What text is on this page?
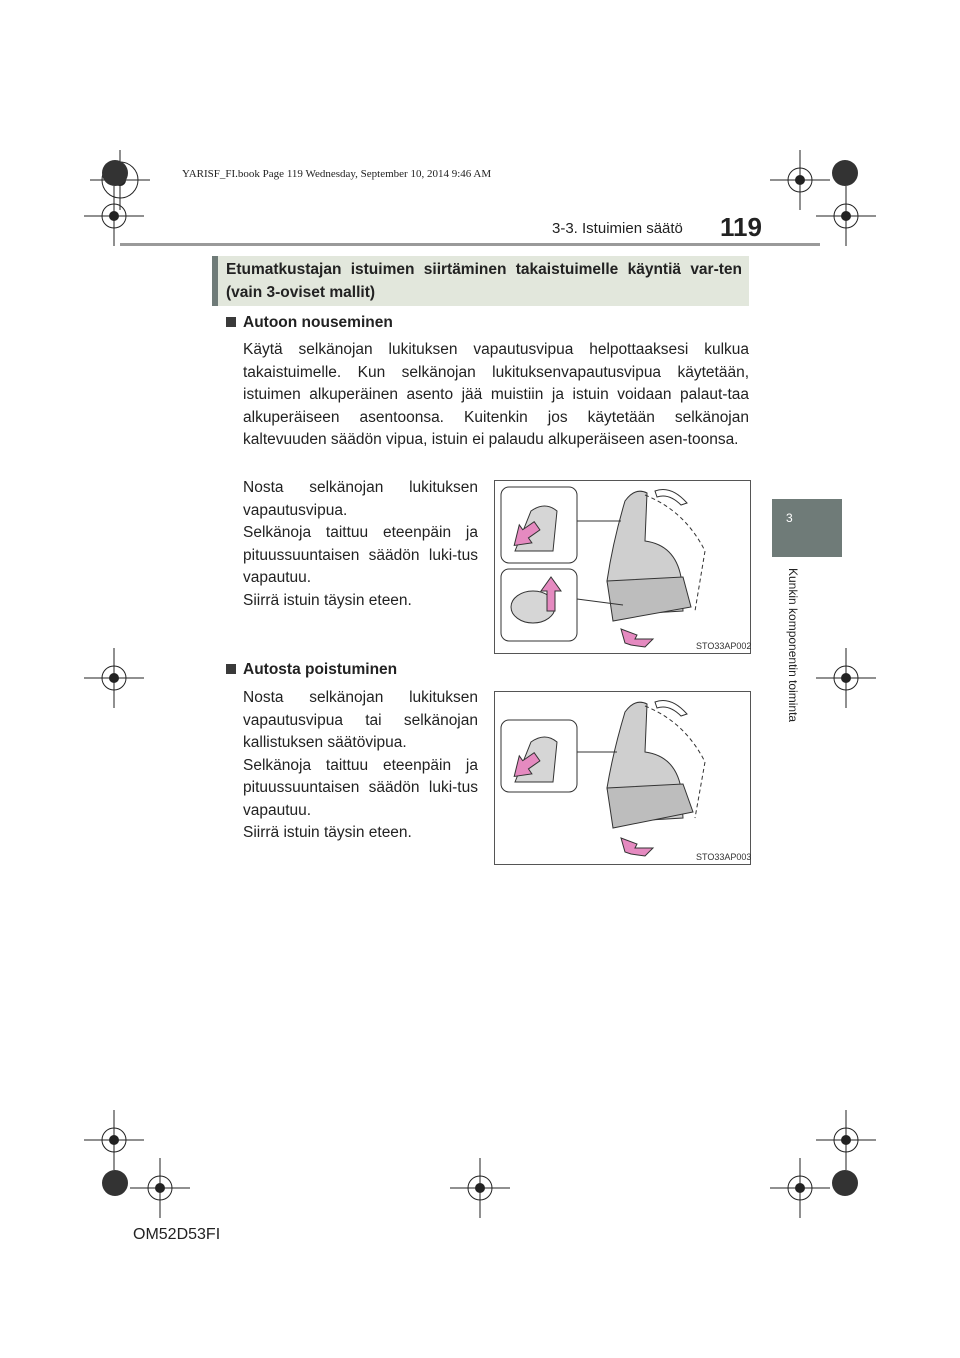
YARISF_FI.book Page 119 Wednesday, September 10, 2014 9:46 AM
3-3. Istuimien säätö 119
3
Kunkin komponentin toiminta
Etumatkustajan istuimen siirtäminen takaistuimelle käyntiä var-ten (vain 3-oviset mallit)
Autoon nouseminen
Käytä selkänojan lukituksen vapautusvipua helpottaaksesi kulkua takaistuimelle. Kun selkänojan lukituksenvapautusvipua käytetään, istuimen alkuperäinen asento jää muistiin ja istuin voidaan palaut-taa alkuperäiseen asentoonsa. Kuitenkin jos käytetään selkänojan kaltevuuden säädön vipua, istuin ei palaudu alkuperäiseen asen-toonsa.
Nosta selkänojan lukituksen vapautusvipua.
Selkänoja taittuu eteenpäin ja pituussuuntaisen säädön luki-tus vapautuu.
Siirrä istuin täysin eteen.
STO33AP002
Autosta poistuminen
Nosta selkänojan lukituksen vapautusvipua tai selkänojan kallistuksen säätövipua.
Selkänoja taittuu eteenpäin ja pituussuuntaisen säädön luki-tus vapautuu.
Siirrä istuin täysin eteen.
STO33AP003
OM52D53FI
